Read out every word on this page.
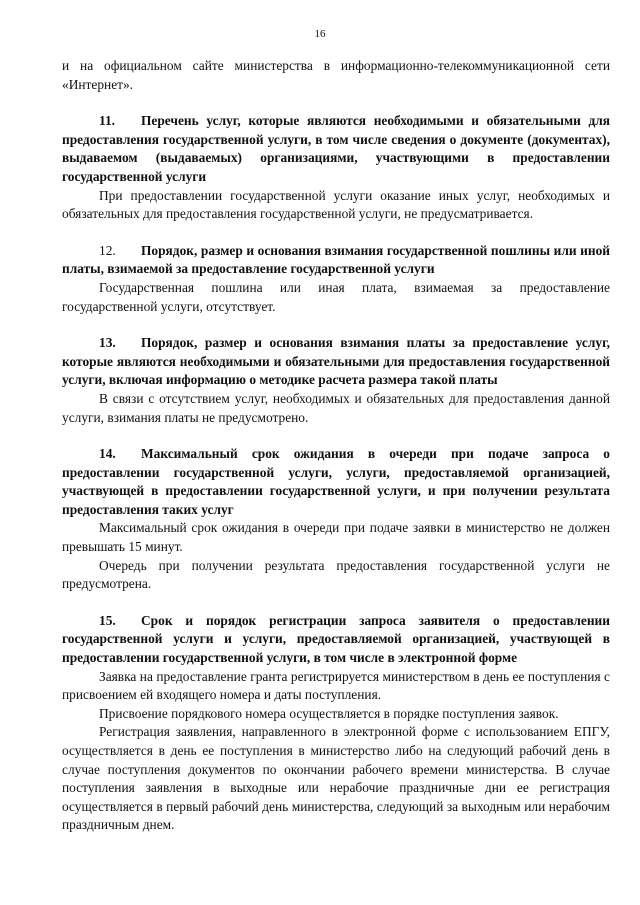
16

и на официальном сайте министерства в информационно-телекоммуникационной сети «Интернет».

11. Перечень услуг, которые являются необходимыми и обязательными для предоставления государственной услуги, в том числе сведения о документе (документах), выдаваемом (выдаваемых) организациями, участвующими в предоставлении государственной услуги

При предоставлении государственной услуги оказание иных услуг, необходимых и обязательных для предоставления государственной услуги, не предусматривается.

12. Порядок, размер и основания взимания государственной пошлины или иной платы, взимаемой за предоставление государственной услуги

Государственная пошлина или иная плата, взимаемая за предоставление государственной услуги, отсутствует.

13. Порядок, размер и основания взимания платы за предоставление услуг, которые являются необходимыми и обязательными для предоставления государственной услуги, включая информацию о методике расчета размера такой платы

В связи с отсутствием услуг, необходимых и обязательных для предоставления данной услуги, взимания платы не предусмотрено.

14. Максимальный срок ожидания в очереди при подаче запроса о предоставлении государственной услуги, услуги, предоставляемой организацией, участвующей в предоставлении государственной услуги, и при получении результата предоставления таких услуг

Максимальный срок ожидания в очереди при подаче заявки в министерство не должен превышать 15 минут.

Очередь при получении результата предоставления государственной услуги не предусмотрена.

15. Срок и порядок регистрации запроса заявителя о предоставлении государственной услуги и услуги, предоставляемой организацией, участвующей в предоставлении государственной услуги, в том числе в электронной форме

Заявка на предоставление гранта регистрируется министерством в день ее поступления с присвоением ей входящего номера и даты поступления.

Присвоение порядкового номера осуществляется в порядке поступления заявок.

Регистрация заявления, направленного в электронной форме с использованием ЕПГУ, осуществляется в день ее поступления в министерство либо на следующий рабочий день в случае поступления документов по окончании рабочего времени министерства. В случае поступления заявления в выходные или нерабочие праздничные дни ее регистрация осуществляется в первый рабочий день министерства, следующий за выходным или нерабочим праздничным днем.
